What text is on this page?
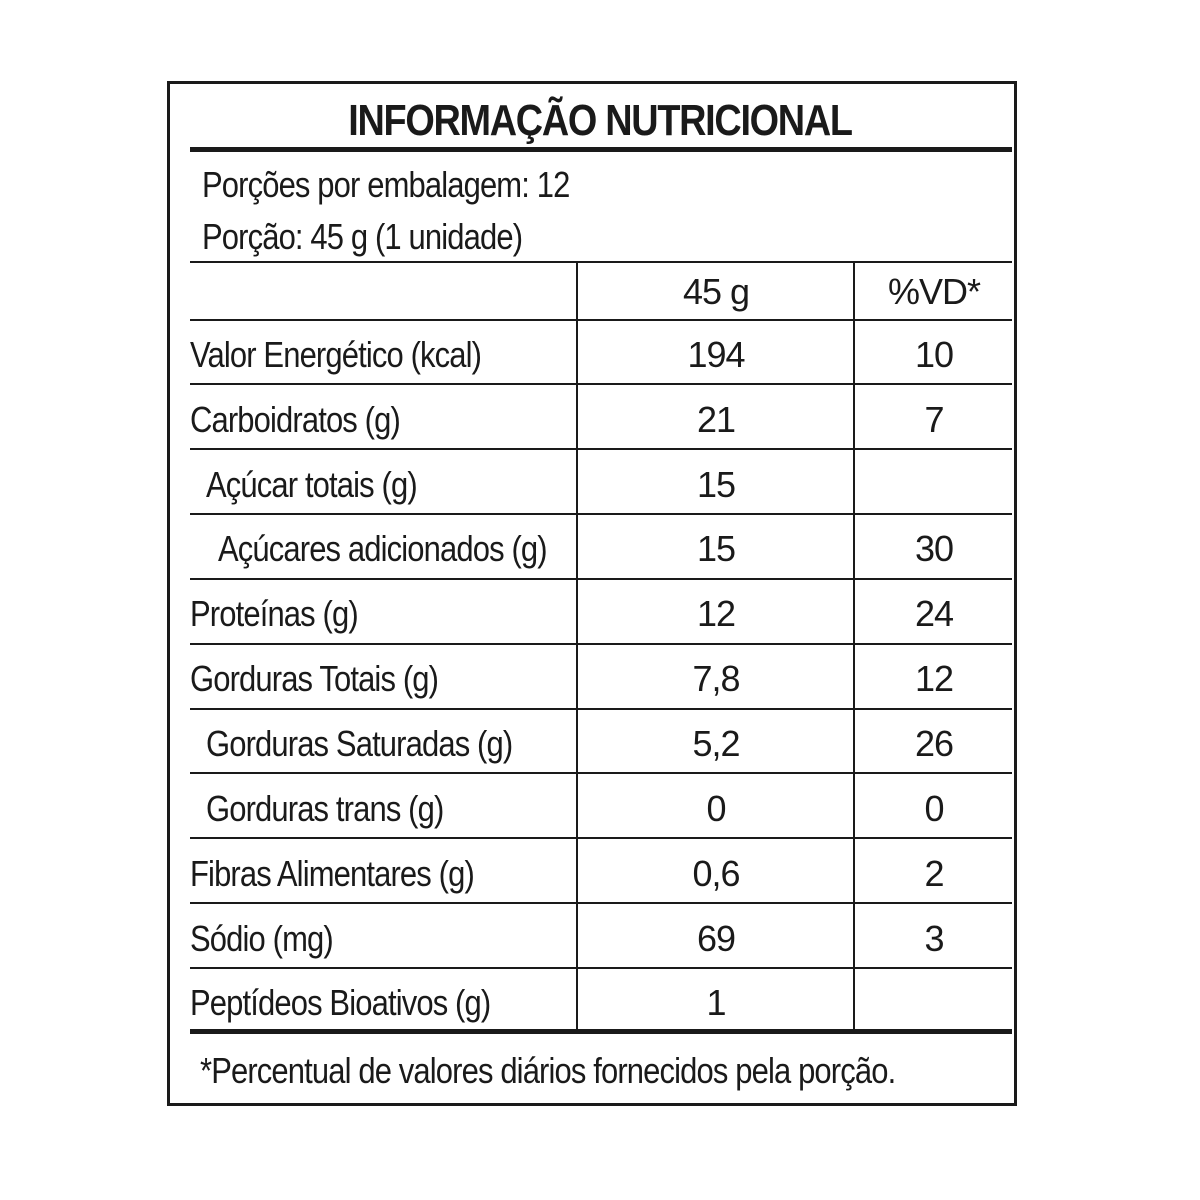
INFORMAÇÃO NUTRICIONAL
Porções por embalagem: 12
Porção: 45 g (1 unidade)
45 g	%VD*
Valor Energético (kcal)	194	10
Carboidratos (g)	21	7
Açúcar totais (g)	15
Açúcares adicionados (g)	15	30
Proteínas (g)	12	24
Gorduras Totais (g)	7,8	12
Gorduras Saturadas (g)	5,2	26
Gorduras trans (g)	0	0
Fibras Alimentares (g)	0,6	2
Sódio (mg)	69	3
Peptídeos Bioativos (g)	1
*Percentual de valores diários fornecidos pela porção.
